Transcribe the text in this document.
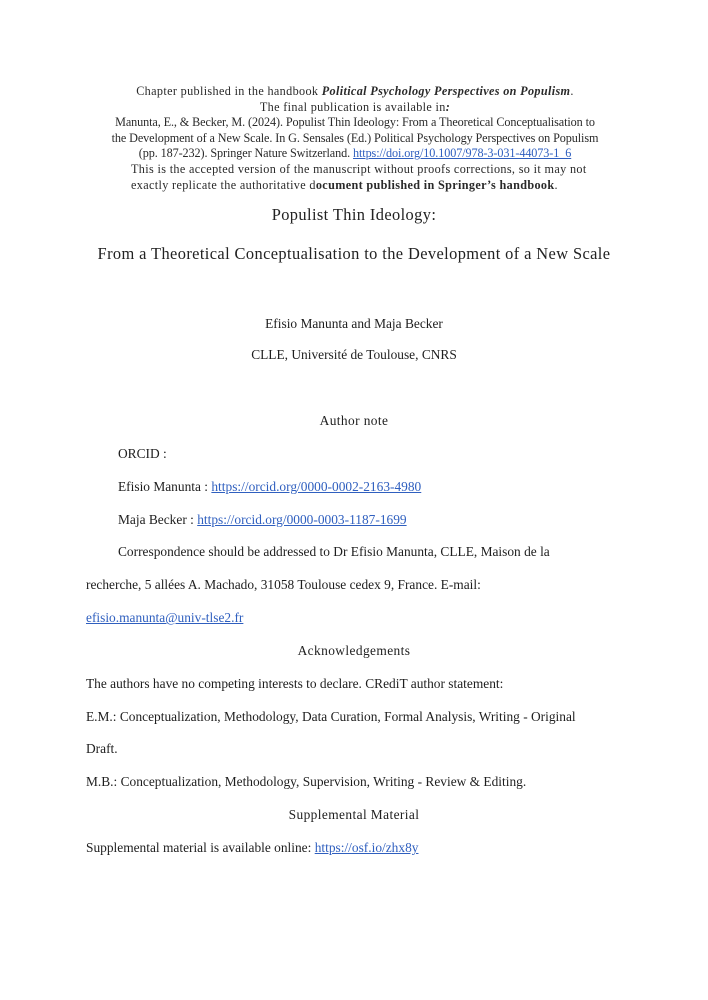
Chapter published in the handbook Political Psychology Perspectives on Populism.
The final publication is available in:
Manunta, E., & Becker, M. (2024). Populist Thin Ideology: From a Theoretical Conceptualisation to
the Development of a New Scale. In G. Sensales (Ed.) Political Psychology Perspectives on Populism
(pp. 187-232). Springer Nature Switzerland. https://doi.org/10.1007/978-3-031-44073-1_6
This is the accepted version of the manuscript without proofs corrections, so it may not
exactly replicate the authoritative document published in Springer’s handbook.
Populist Thin Ideology:
From a Theoretical Conceptualisation to the Development of a New Scale
Efisio Manunta and Maja Becker
CLLE, Université de Toulouse, CNRS
Author note
ORCID :
Efisio Manunta : https://orcid.org/0000-0002-2163-4980
Maja Becker : https://orcid.org/0000-0003-1187-1699
Correspondence should be addressed to Dr Efisio Manunta, CLLE, Maison de la
recherche, 5 allées A. Machado, 31058 Toulouse cedex 9, France. E-mail:
efisio.manunta@univ-tlse2.fr
Acknowledgements
The authors have no competing interests to declare. CRediT author statement:
E.M.: Conceptualization, Methodology, Data Curation, Formal Analysis, Writing - Original
Draft.
M.B.: Conceptualization, Methodology, Supervision, Writing - Review & Editing.
Supplemental Material
Supplemental material is available online: https://osf.io/zhx8y
